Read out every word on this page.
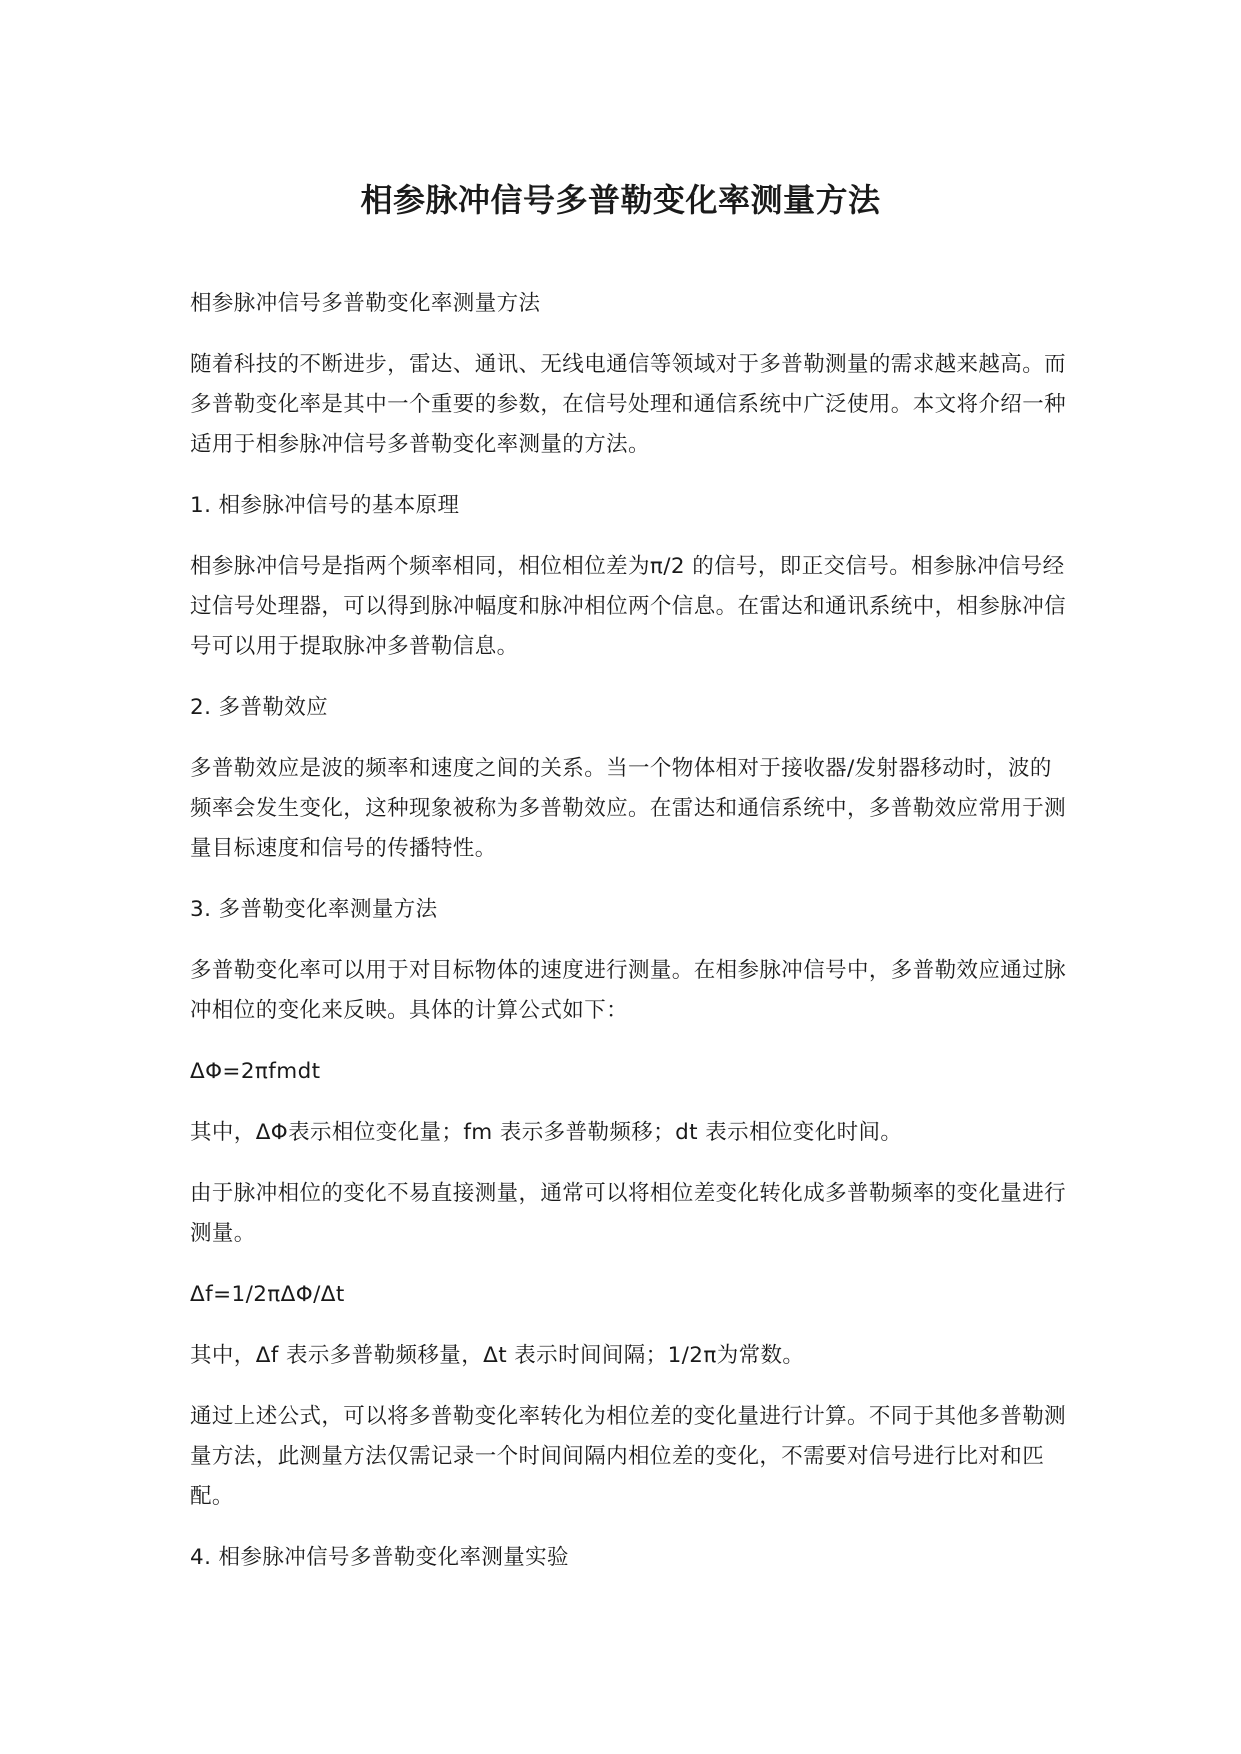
相参脉冲信号多普勒变化率测量方法

相参脉冲信号多普勒变化率测量方法

随着科技的不断进步，雷达、通讯、无线电通信等领域对于多普勒测量的需求越来越高。而多普勒变化率是其中一个重要的参数，在信号处理和通信系统中广泛使用。本文将介绍一种适用于相参脉冲信号多普勒变化率测量的方法。

1. 相参脉冲信号的基本原理

相参脉冲信号是指两个频率相同，相位相位差为π/2 的信号，即正交信号。相参脉冲信号经过信号处理器，可以得到脉冲幅度和脉冲相位两个信息。在雷达和通讯系统中，相参脉冲信号可以用于提取脉冲多普勒信息。

2. 多普勒效应

多普勒效应是波的频率和速度之间的关系。当一个物体相对于接收器/发射器移动时，波的频率会发生变化，这种现象被称为多普勒效应。在雷达和通信系统中，多普勒效应常用于测量目标速度和信号的传播特性。

3. 多普勒变化率测量方法

多普勒变化率可以用于对目标物体的速度进行测量。在相参脉冲信号中，多普勒效应通过脉冲相位的变化来反映。具体的计算公式如下：

ΔΦ=2πfmdt

其中，ΔΦ表示相位变化量；fm 表示多普勒频移；dt 表示相位变化时间。

由于脉冲相位的变化不易直接测量，通常可以将相位差变化转化成多普勒频率的变化量进行测量。

Δf=1/2πΔΦ/Δt

其中，Δf 表示多普勒频移量，Δt 表示时间间隔；1/2π为常数。

通过上述公式，可以将多普勒变化率转化为相位差的变化量进行计算。不同于其他多普勒测量方法，此测量方法仅需记录一个时间间隔内相位差的变化，不需要对信号进行比对和匹配。

4. 相参脉冲信号多普勒变化率测量实验
